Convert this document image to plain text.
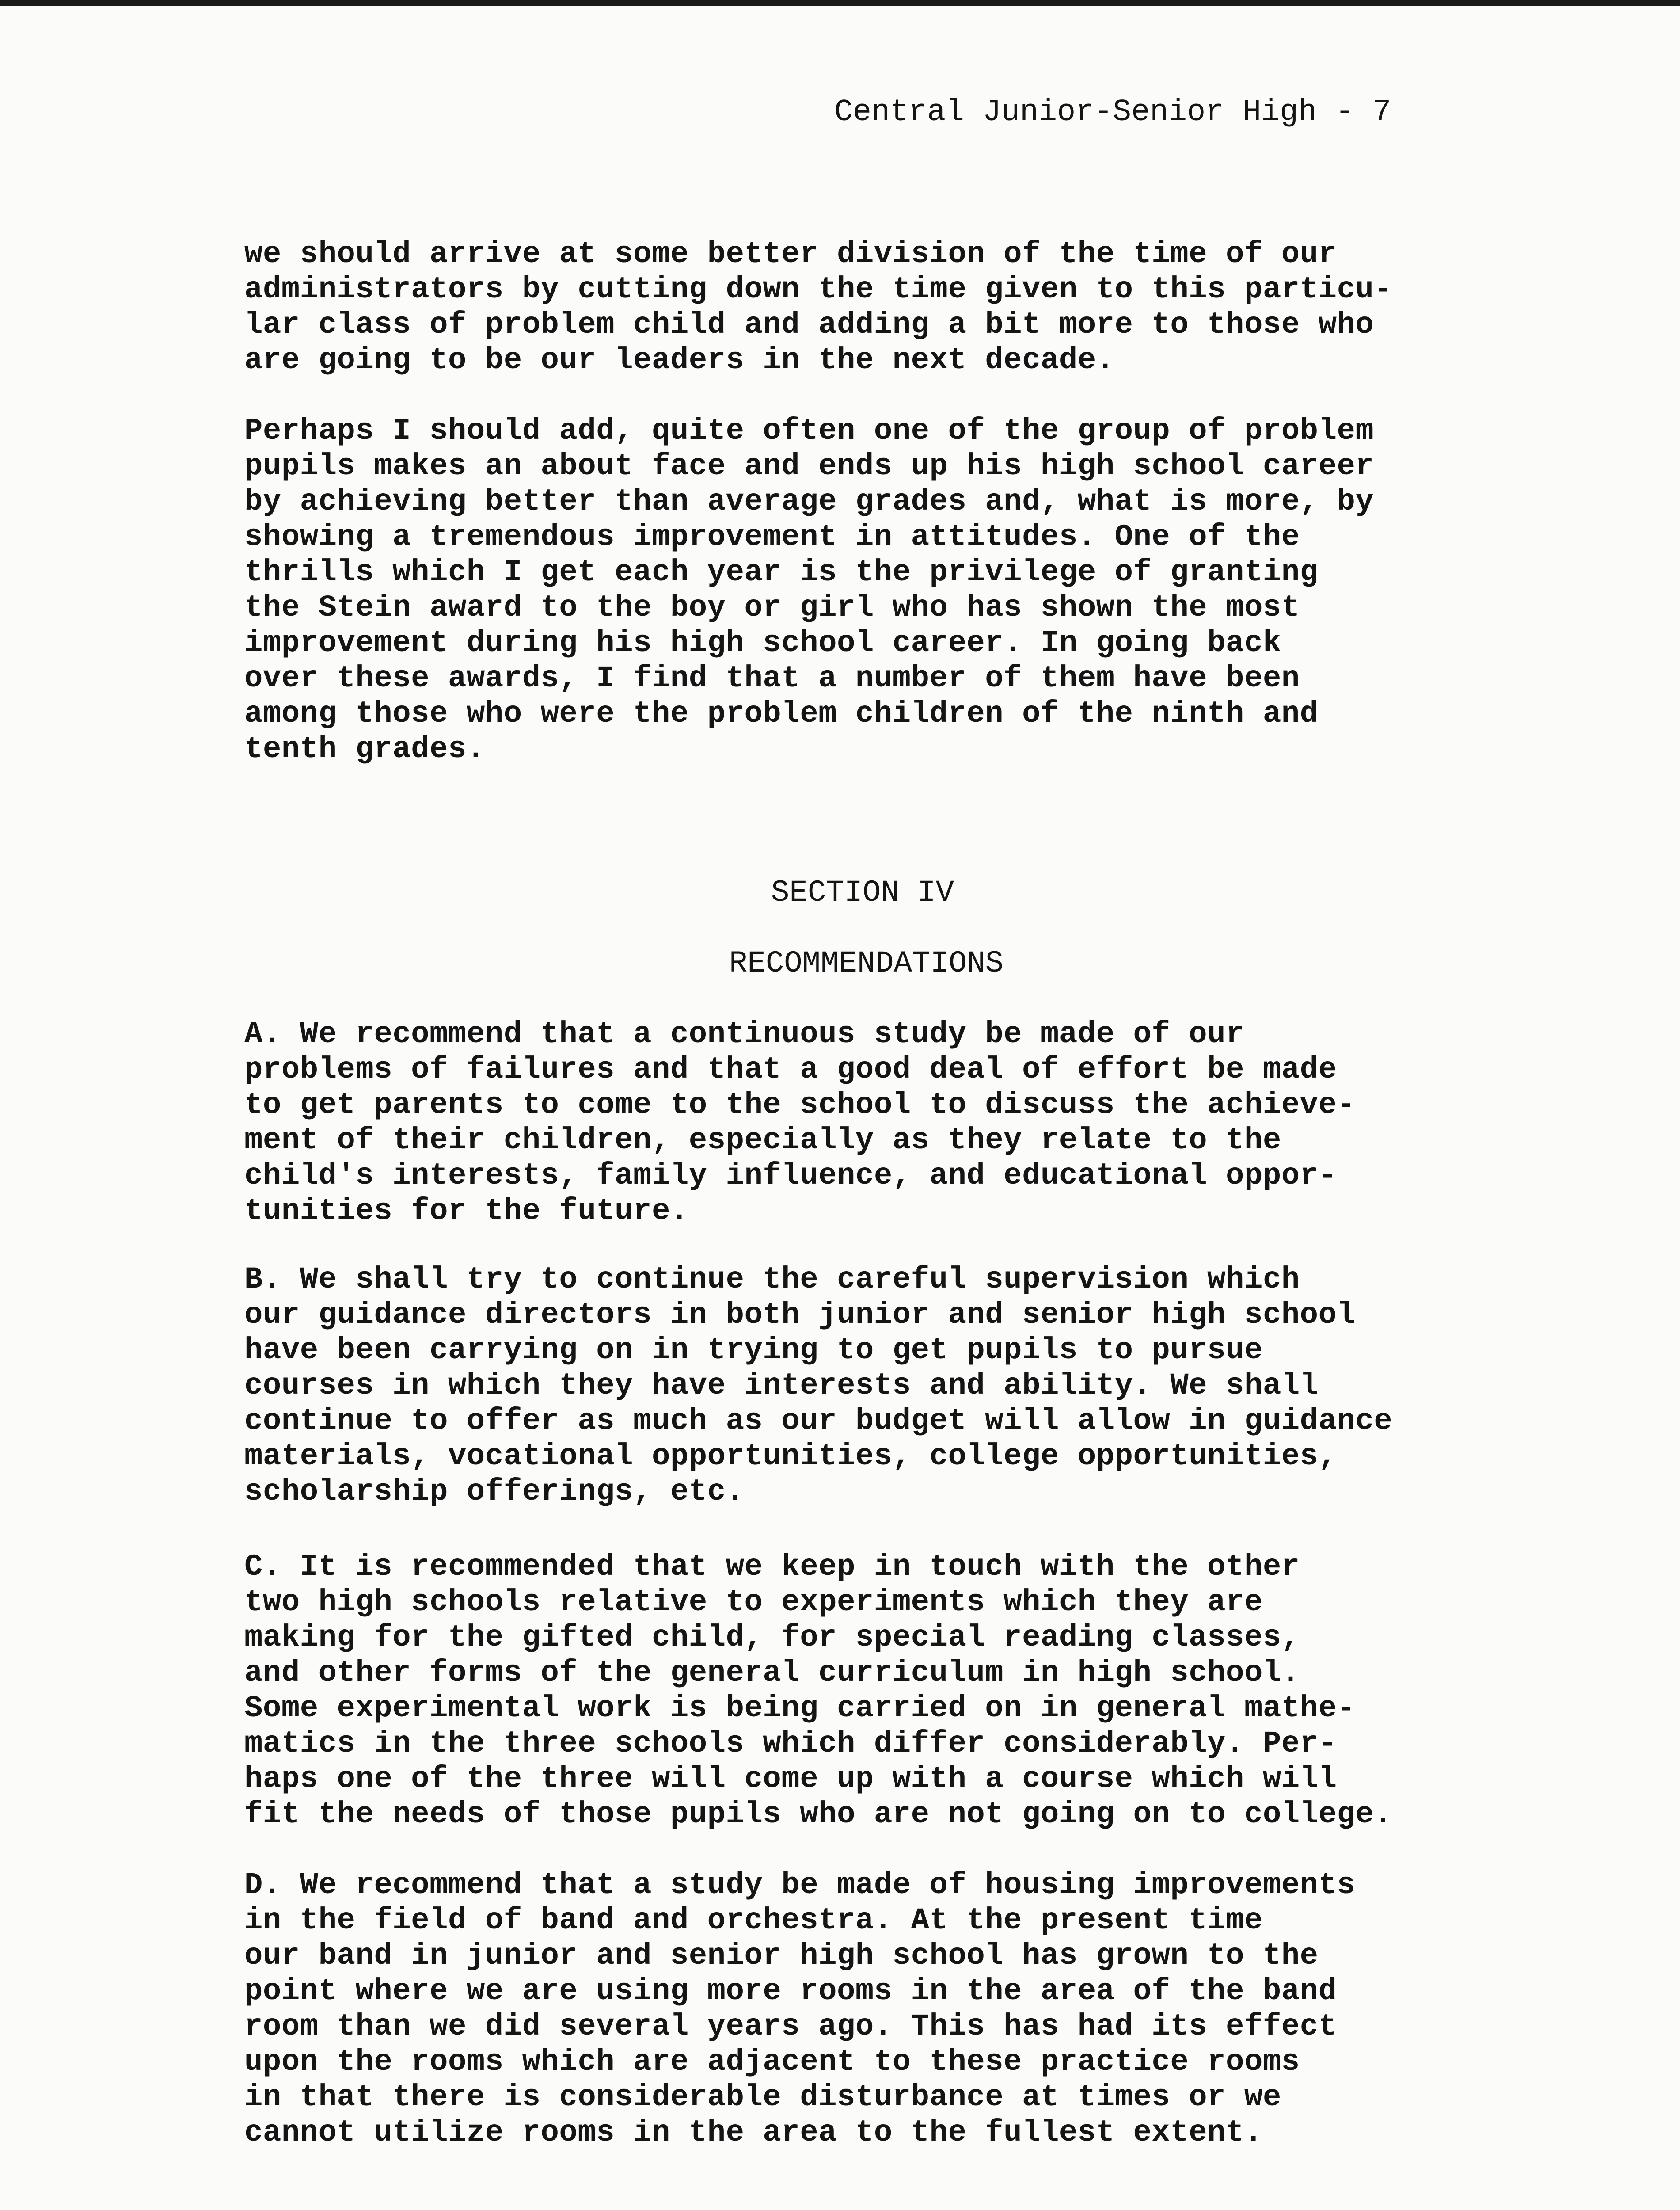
Central Junior-Senior High - 7
we should arrive at some better division of the time of our
administrators by cutting down the time given to this particu-
lar class of problem child and adding a bit more to those who
are going to be our leaders in the next decade.
Perhaps I should add, quite often one of the group of problem
pupils makes an about face and ends up his high school career
by achieving better than average grades and, what is more, by
showing a tremendous improvement in attitudes. One of the
thrills which I get each year is the privilege of granting
the Stein award to the boy or girl who has shown the most
improvement during his high school career. In going back
over these awards, I find that a number of them have been
among those who were the problem children of the ninth and
tenth grades.
SECTION IV
RECOMMENDATIONS
A. We recommend that a continuous study be made of our
problems of failures and that a good deal of effort be made
to get parents to come to the school to discuss the achieve-
ment of their children, especially as they relate to the
child's interests, family influence, and educational oppor-
tunities for the future.
B. We shall try to continue the careful supervision which
our guidance directors in both junior and senior high school
have been carrying on in trying to get pupils to pursue
courses in which they have interests and ability. We shall
continue to offer as much as our budget will allow in guidance
materials, vocational opportunities, college opportunities,
scholarship offerings, etc.
C. It is recommended that we keep in touch with the other
two high schools relative to experiments which they are
making for the gifted child, for special reading classes,
and other forms of the general curriculum in high school.
Some experimental work is being carried on in general mathe-
matics in the three schools which differ considerably. Per-
haps one of the three will come up with a course which will
fit the needs of those pupils who are not going on to college.
D. We recommend that a study be made of housing improvements
in the field of band and orchestra. At the present time
our band in junior and senior high school has grown to the
point where we are using more rooms in the area of the band
room than we did several years ago. This has had its effect
upon the rooms which are adjacent to these practice rooms
in that there is considerable disturbance at times or we
cannot utilize rooms in the area to the fullest extent.
